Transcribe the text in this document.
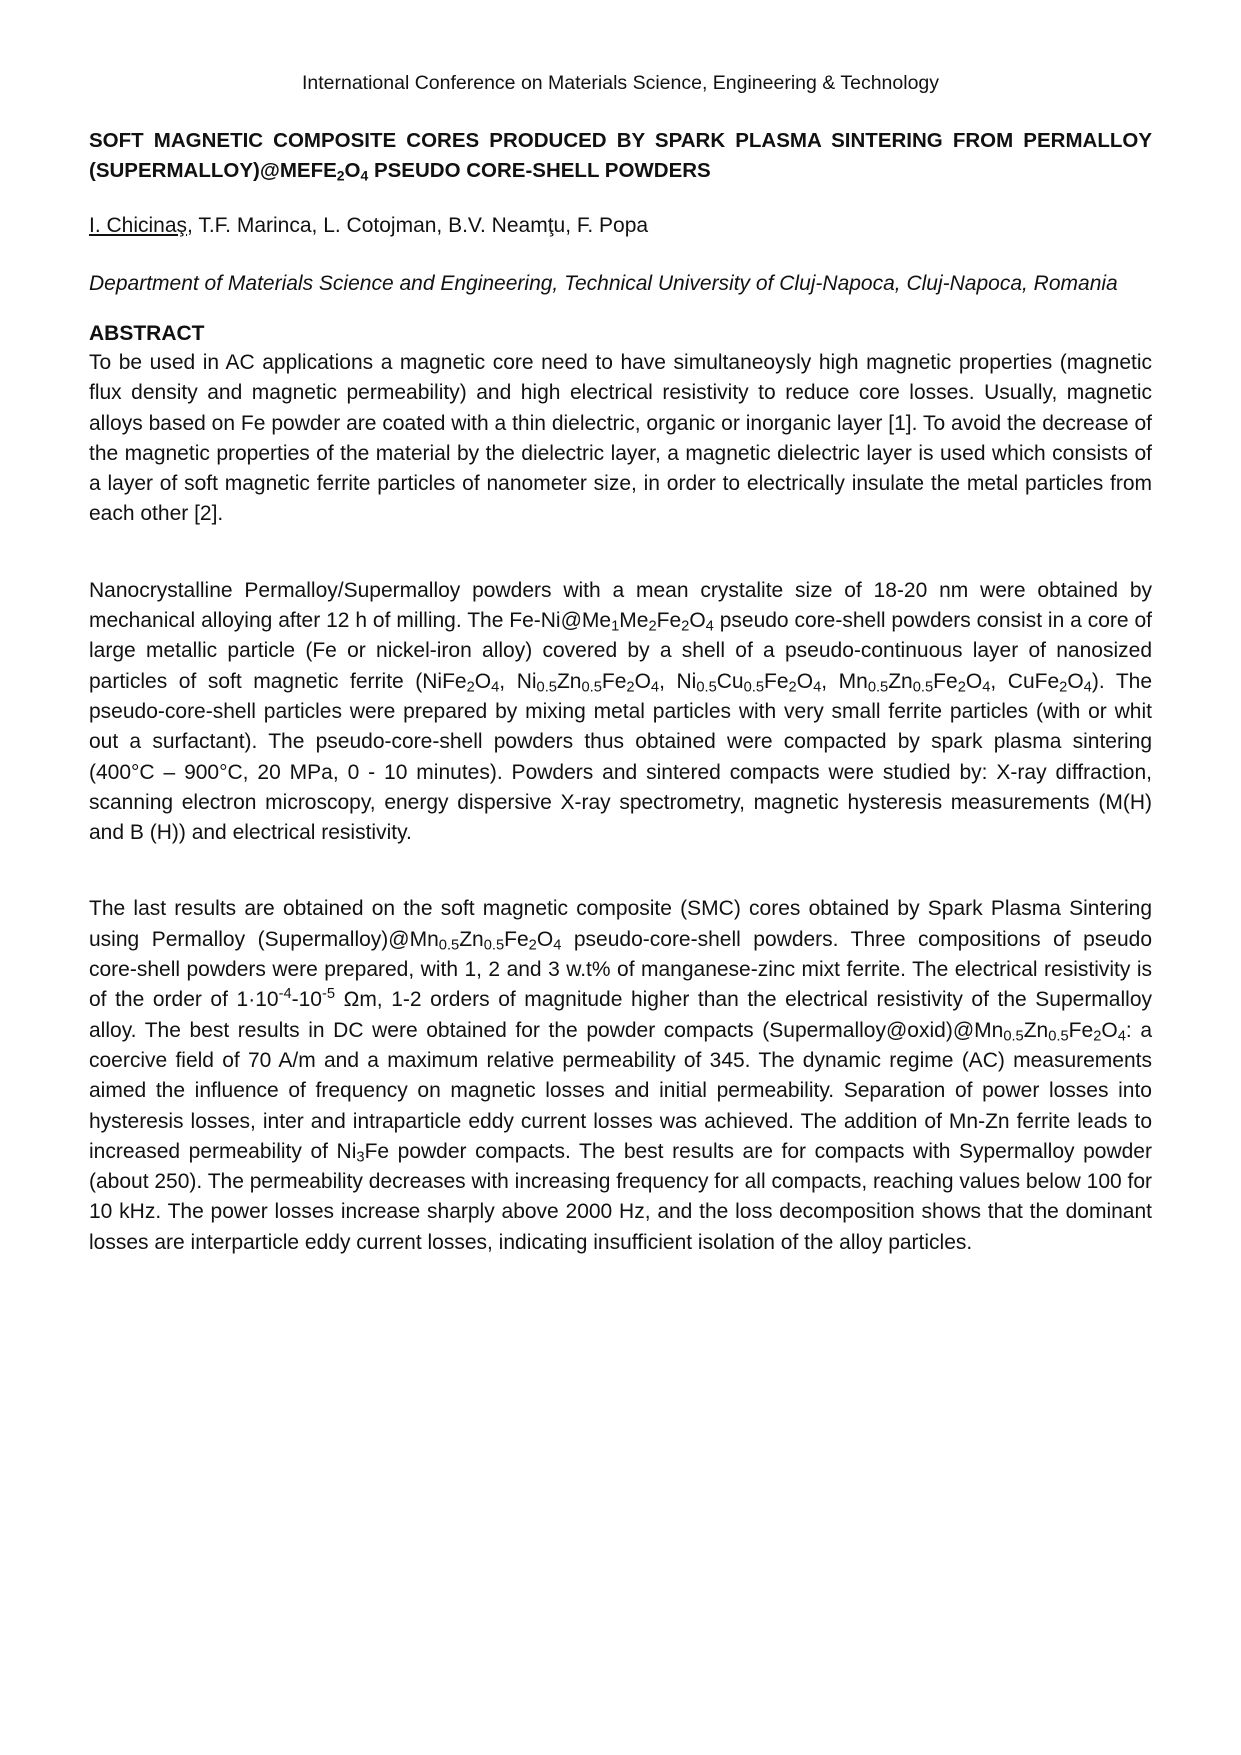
International Conference on Materials Science, Engineering & Technology
SOFT MAGNETIC COMPOSITE CORES PRODUCED BY SPARK PLASMA SINTERING FROM PERMALLOY $(SUPERMALLOY)@MEFE_2O_4$ PSEUDO CORE-SHELL POWDERS
I. Chicinaş, T.F. Marinca, L. Cotojman, B.V. Neamţu, F. Popa
Department of Materials Science and Engineering, Technical University of Cluj-Napoca, Cluj-Napoca, Romania
ABSTRACT

To be used in AC applications a magnetic core need to have simultaneoysly high magnetic properties (magnetic flux density and magnetic permeability) and high electrical resistivity to reduce core losses. Usually, magnetic alloys based on Fe powder are coated with a thin dielectric, organic or inorganic layer [1]. To avoid the decrease of the magnetic properties of the material by the dielectric layer, a magnetic dielectric layer is used which consists of a layer of soft magnetic ferrite particles of nanometer size, in order to electrically insulate the metal particles from each other [2].

Nanocrystalline Permalloy/Supermalloy powders with a mean crystalite size of 18-20 nm were obtained by mechanical alloying after 12 h of milling. The $Fe-Ni@Me_1Me_2Fe_2O_4$ pseudo core-shell powders consist in a core of large metallic particle (Fe or nickel-iron alloy) covered by a shell of a pseudo-continuous layer of nanosized particles of soft magnetic ferrite ($NiFe_2O_4$, $Ni_{0.5}Zn_{0.5}Fe_2O_4$, $Ni_{0.5}Cu_{0.5}Fe_2O_4$, $Mn_{0.5}Zn_{0.5}Fe_2O_4$, $CuFe_2O_4$). The pseudo-core-shell particles were prepared by mixing metal particles with very small ferrite particles (with or whit out a surfactant). The pseudo-core-shell powders thus obtained were compacted by spark plasma sintering (400°C – 900°C, 20 MPa, 0 - 10 minutes). Powders and sintered compacts were studied by: X-ray diffraction, scanning electron microscopy, energy dispersive X-ray spectrometry, magnetic hysteresis measurements (M(H) and B (H)) and electrical resistivity.

The last results are obtained on the soft magnetic composite (SMC) cores obtained by Spark Plasma Sintering using Permalloy $(Supermalloy)@Mn_{0.5}Zn_{0.5}Fe_2O_4$ pseudo-core-shell powders. Three compositions of pseudo core-shell powders were prepared, with 1, 2 and 3 w.t% of manganese-zinc mixt ferrite. The electrical resistivity is of the order of $1\cdot 10^{-4}-10^{-5}$ Ωm, 1-2 orders of magnitude higher than the electrical resistivity of the Supermalloy alloy. The best results in DC were obtained for the powder compacts $(Supermalloy@oxid)@Mn_{0.5}Zn_{0.5}Fe_2O_4$: a coercive field of 70 A/m and a maximum relative permeability of 345. The dynamic regime (AC) measurements aimed the influence of frequency on magnetic losses and initial permeability. Separation of power losses into hysteresis losses, inter and intraparticle eddy current losses was achieved. The addition of Mn-Zn ferrite leads to increased permeability of $Ni_3Fe$ powder compacts. The best results are for compacts with Sypermalloy powder (about 250). The permeability decreases with increasing frequency for all compacts, reaching values below 100 for 10 kHz. The power losses increase sharply above 2000 Hz, and the loss decomposition shows that the dominant losses are interparticle eddy current losses, indicating insufficient isolation of the alloy particles.
